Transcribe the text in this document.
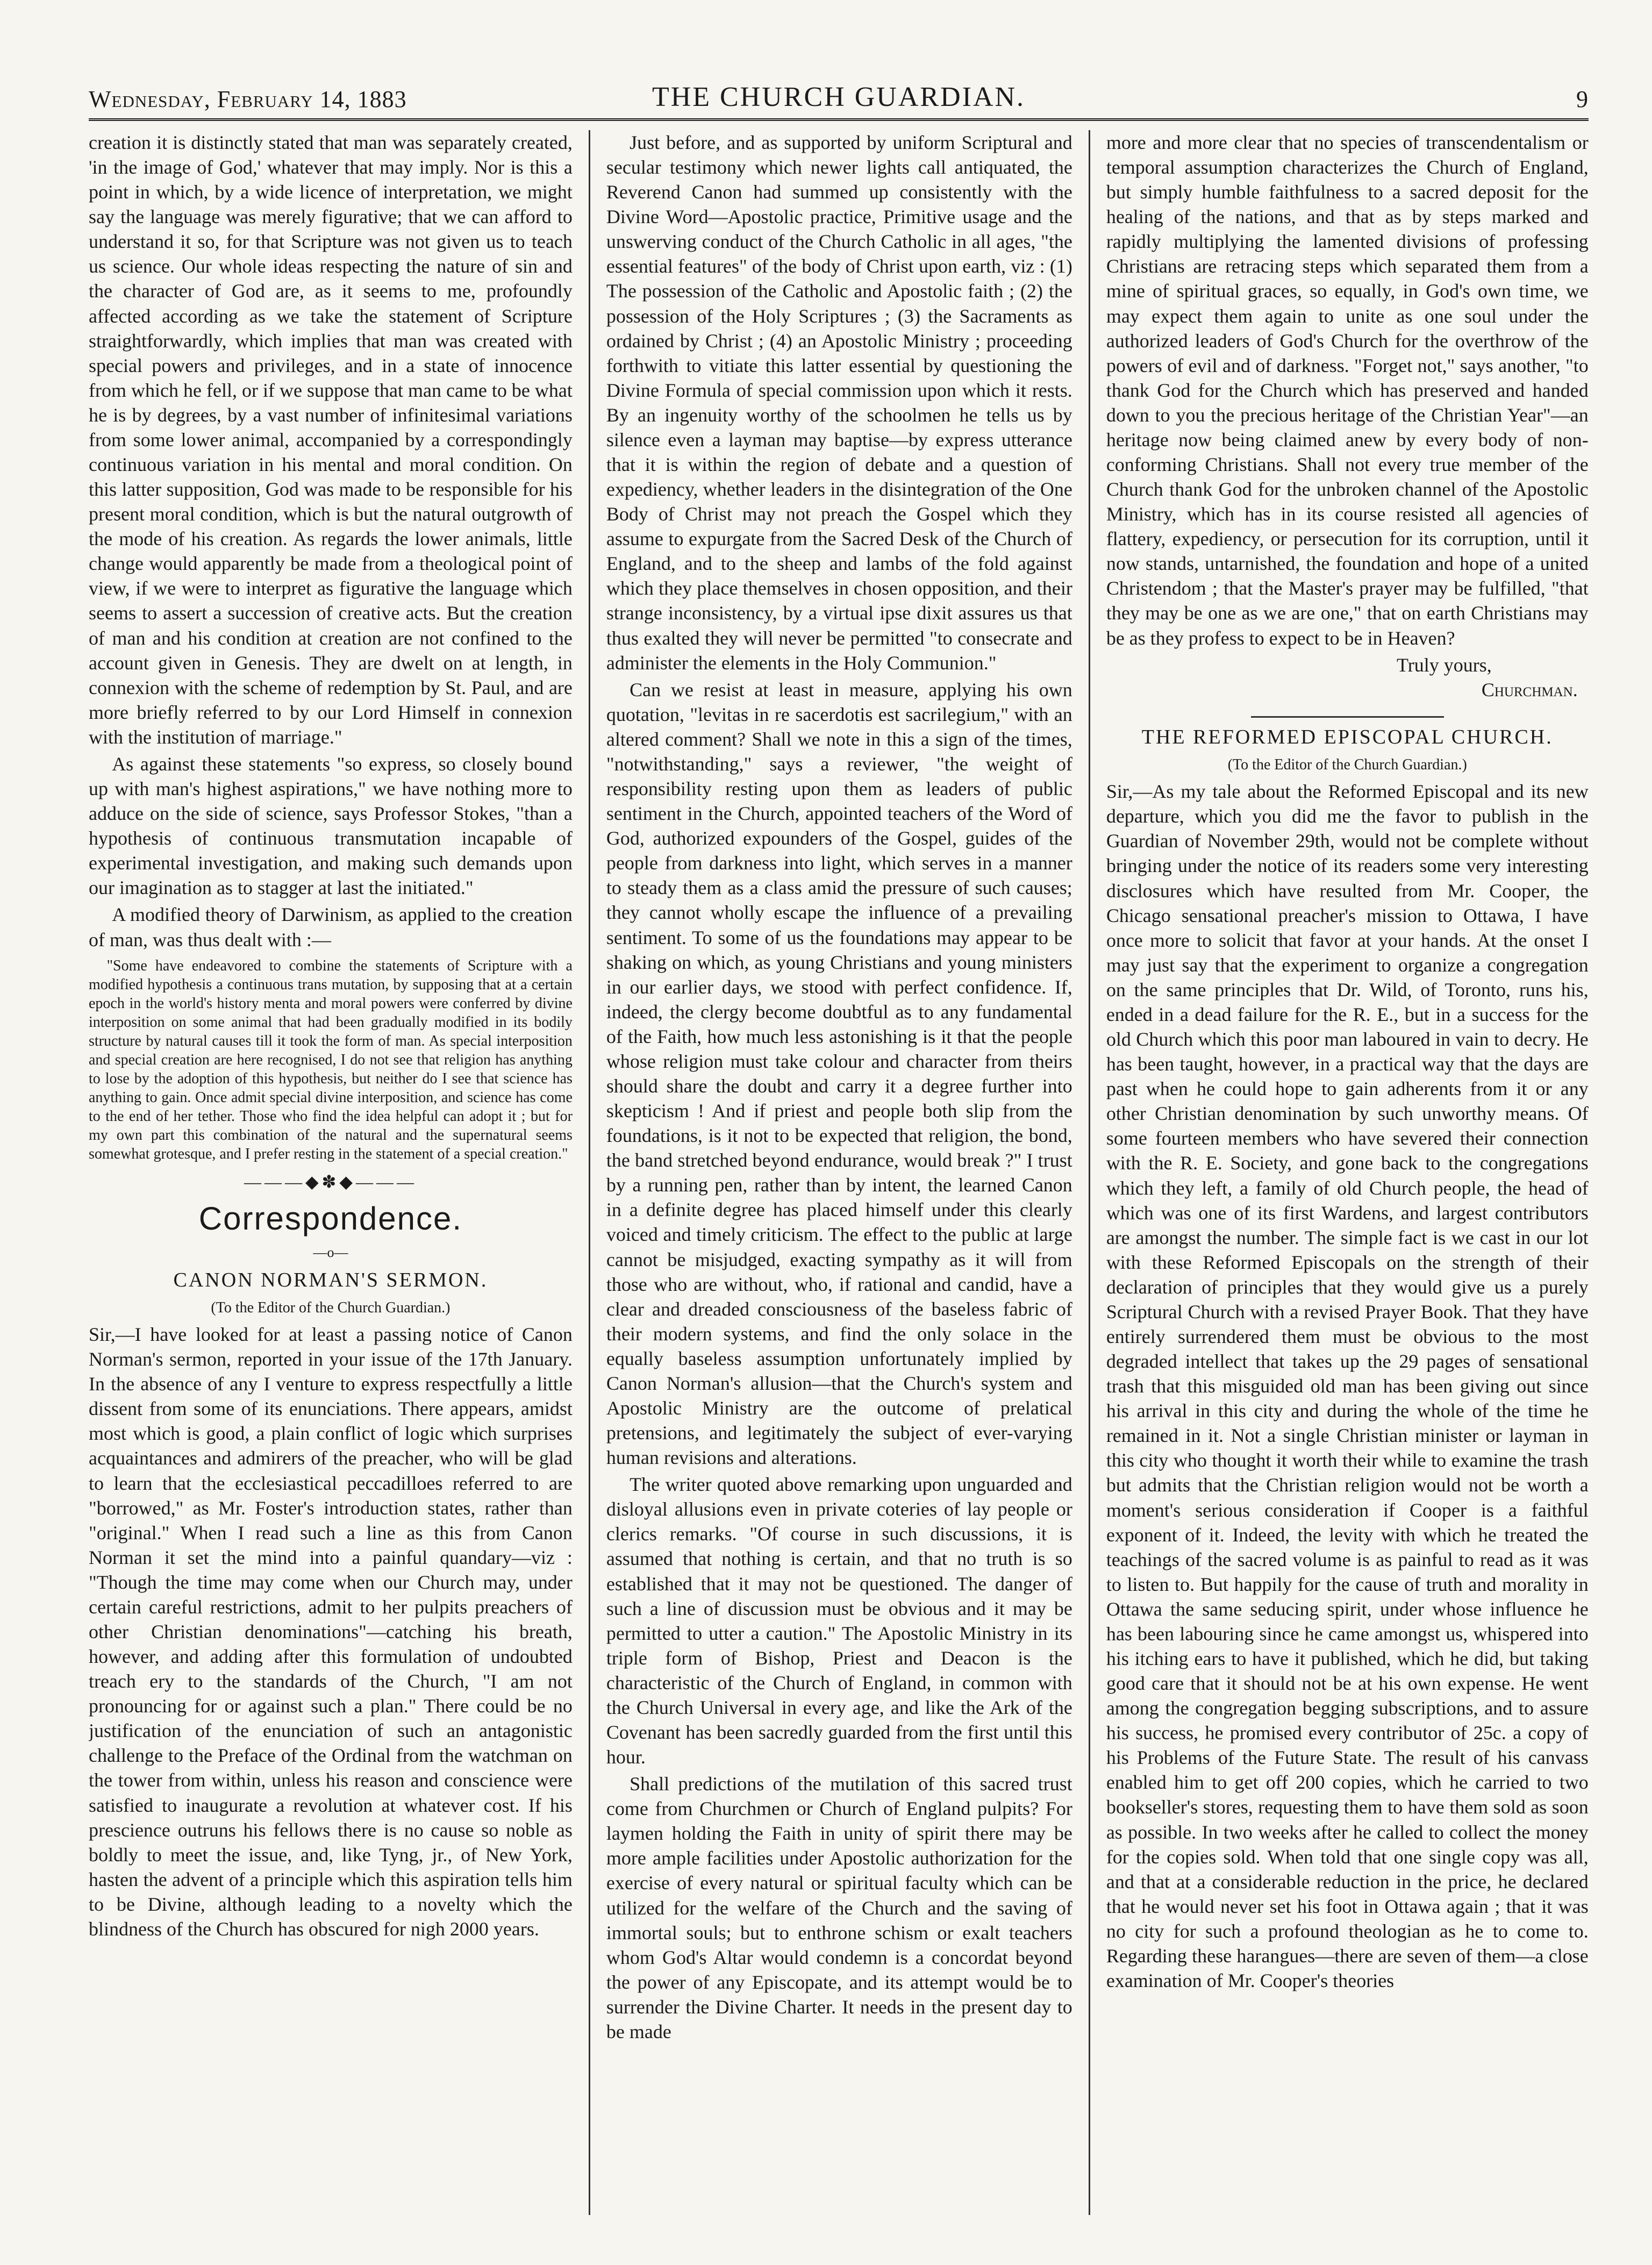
Wednesday, February 14, 1883	THE CHURCH GUARDIAN.	9

creation it is distinctly stated that man was separately created, 'in the image of God,' whatever that may imply. Nor is this a point in which, by a wide licence of interpretation, we might say the language was merely figurative; that we can afford to understand it so, for that Scripture was not given us to teach us science. Our whole ideas respecting the nature of sin and the character of God are, as it seems to me, profoundly affected according as we take the statement of Scripture straightforwardly, which implies that man was created with special powers and privileges, and in a state of innocence from which he fell, or if we suppose that man came to be what he is by degrees, by a vast number of infinitesimal variations from some lower animal, accompanied by a correspondingly continuous variation in his mental and moral condition. On this latter supposition, God was made to be responsible for his present moral condition, which is but the natural outgrowth of the mode of his creation. As regards the lower animals, little change would apparently be made from a theological point of view, if we were to interpret as figurative the language which seems to assert a succession of creative acts. But the creation of man and his condition at creation are not confined to the account given in Genesis. They are dwelt on at length, in connexion with the scheme of redemption by St. Paul, and are more briefly referred to by our Lord Himself in connexion with the institution of marriage."

As against these statements "so express, so closely bound up with man's highest aspirations," we have nothing more to adduce on the side of science, says Professor Stokes, "than a hypothesis of continuous transmutation incapable of experimental investigation, and making such demands upon our imagination as to stagger at last the initiated."

A modified theory of Darwinism, as applied to the creation of man, was thus dealt with :—

"Some have endeavored to combine the statements of Scripture with a modified hypothesis a continuous trans mutation, by supposing that at a certain epoch in the world's history menta and moral powers were conferred by divine interposition on some animal that had been gradually modified in its bodily structure by natural causes till it took the form of man. As special interposition and special creation are here recognised, I do not see that religion has anything to lose by the adoption of this hypothesis, but neither do I see that science has anything to gain. Once admit special divine interposition, and science has come to the end of her tether. Those who find the idea helpful can adopt it ; but for my own part this combination of the natural and the supernatural seems somewhat grotesque, and I prefer resting in the statement of a special creation."

———◆✽◆———
Correspondence.
—o—
CANON NORMAN'S SERMON.
(To the Editor of the Church Guardian.)

Sir,—I have looked for at least a passing notice of Canon Norman's sermon, reported in your issue of the 17th January. In the absence of any I venture to express respectfully a little dissent from some of its enunciations. There appears, amidst most which is good, a plain conflict of logic which surprises acquaintances and admirers of the preacher, who will be glad to learn that the ecclesiastical peccadilloes referred to are "borrowed," as Mr. Foster's introduction states, rather than "original." When I read such a line as this from Canon Norman it set the mind into a painful quandary—viz : "Though the time may come when our Church may, under certain careful restrictions, admit to her pulpits preachers of other Christian denominations"—catching his breath, however, and adding after this formulation of undoubted treach ery to the standards of the Church, "I am not pronouncing for or against such a plan." There could be no justification of the enunciation of such an antagonistic challenge to the Preface of the Ordinal from the watchman on the tower from within, unless his reason and conscience were satisfied to inaugurate a revolution at whatever cost. If his prescience outruns his fellows there is no cause so noble as boldly to meet the issue, and, like Tyng, jr., of New York, hasten the advent of a principle which this aspiration tells him to be Divine, although leading to a novelty which the blindness of the Church has obscured for nigh 2000 years.

Just before, and as supported by uniform Scriptural and secular testimony which newer lights call antiquated, the Reverend Canon had summed up consistently with the Divine Word—Apostolic practice, Primitive usage and the unswerving conduct of the Church Catholic in all ages, "the essential features" of the body of Christ upon earth, viz : (1) The possession of the Catholic and Apostolic faith ; (2) the possession of the Holy Scriptures ; (3) the Sacraments as ordained by Christ ; (4) an Apostolic Ministry ; proceeding forthwith to vitiate this latter essential by questioning the Divine Formula of special commission upon which it rests. By an ingenuity worthy of the schoolmen he tells us by silence even a layman may baptise—by express utterance that it is within the region of debate and a question of expediency, whether leaders in the disintegration of the One Body of Christ may not preach the Gospel which they assume to expurgate from the Sacred Desk of the Church of England, and to the sheep and lambs of the fold against which they place themselves in chosen opposition, and their strange inconsistency, by a virtual ipse dixit assures us that thus exalted they will never be permitted "to consecrate and administer the elements in the Holy Communion."

Can we resist at least in measure, applying his own quotation, "levitas in re sacerdotis est sacrilegium," with an altered comment? Shall we note in this a sign of the times, "notwithstanding," says a reviewer, "the weight of responsibility resting upon them as leaders of public sentiment in the Church, appointed teachers of the Word of God, authorized expounders of the Gospel, guides of the people from darkness into light, which serves in a manner to steady them as a class amid the pressure of such causes; they cannot wholly escape the influence of a prevailing sentiment. To some of us the foundations may appear to be shaking on which, as young Christians and young ministers in our earlier days, we stood with perfect confidence. If, indeed, the clergy become doubtful as to any fundamental of the Faith, how much less astonishing is it that the people whose religion must take colour and character from theirs should share the doubt and carry it a degree further into skepticism ! And if priest and people both slip from the foundations, is it not to be expected that religion, the bond, the band stretched beyond endurance, would break ?" I trust by a running pen, rather than by intent, the learned Canon in a definite degree has placed himself under this clearly voiced and timely criticism. The effect to the public at large cannot be misjudged, exacting sympathy as it will from those who are without, who, if rational and candid, have a clear and dreaded consciousness of the baseless fabric of their modern systems, and find the only solace in the equally baseless assumption unfortunately implied by Canon Norman's allusion—that the Church's system and Apostolic Ministry are the outcome of prelatical pretensions, and legitimately the subject of ever-varying human revisions and alterations.

The writer quoted above remarking upon unguarded and disloyal allusions even in private coteries of lay people or clerics remarks. "Of course in such discussions, it is assumed that nothing is certain, and that no truth is so established that it may not be questioned. The danger of such a line of discussion must be obvious and it may be permitted to utter a caution." The Apostolic Ministry in its triple form of Bishop, Priest and Deacon is the characteristic of the Church of England, in common with the Church Universal in every age, and like the Ark of the Covenant has been sacredly guarded from the first until this hour.

Shall predictions of the mutilation of this sacred trust come from Churchmen or Church of England pulpits? For laymen holding the Faith in unity of spirit there may be more ample facilities under Apostolic authorization for the exercise of every natural or spiritual faculty which can be utilized for the welfare of the Church and the saving of immortal souls; but to enthrone schism or exalt teachers whom God's Altar would condemn is a concordat beyond the power of any Episcopate, and its attempt would be to surrender the Divine Charter. It needs in the present day to be made

more and more clear that no species of transcendentalism or temporal assumption characterizes the Church of England, but simply humble faithfulness to a sacred deposit for the healing of the nations, and that as by steps marked and rapidly multiplying the lamented divisions of professing Christians are retracing steps which separated them from a mine of spiritual graces, so equally, in God's own time, we may expect them again to unite as one soul under the authorized leaders of God's Church for the overthrow of the powers of evil and of darkness. "Forget not," says another, "to thank God for the Church which has preserved and handed down to you the precious heritage of the Christian Year"—an heritage now being claimed anew by every body of non-conforming Christians. Shall not every true member of the Church thank God for the unbroken channel of the Apostolic Ministry, which has in its course resisted all agencies of flattery, expediency, or persecution for its corruption, until it now stands, untarnished, the foundation and hope of a united Christendom ; that the Master's prayer may be fulfilled, "that they may be one as we are one," that on earth Christians may be as they profess to expect to be in Heaven?

Truly yours,
Churchman.
THE REFORMED EPISCOPAL CHURCH.
(To the Editor of the Church Guardian.)

Sir,—As my tale about the Reformed Episcopal and its new departure, which you did me the favor to publish in the Guardian of November 29th, would not be complete without bringing under the notice of its readers some very interesting disclosures which have resulted from Mr. Cooper, the Chicago sensational preacher's mission to Ottawa, I have once more to solicit that favor at your hands. At the onset I may just say that the experiment to organize a congregation on the same principles that Dr. Wild, of Toronto, runs his, ended in a dead failure for the R. E., but in a success for the old Church which this poor man laboured in vain to decry. He has been taught, however, in a practical way that the days are past when he could hope to gain adherents from it or any other Christian denomination by such unworthy means. Of some fourteen members who have severed their connection with the R. E. Society, and gone back to the congregations which they left, a family of old Church people, the head of which was one of its first Wardens, and largest contributors are amongst the number. The simple fact is we cast in our lot with these Reformed Episcopals on the strength of their declaration of principles that they would give us a purely Scriptural Church with a revised Prayer Book. That they have entirely surrendered them must be obvious to the most degraded intellect that takes up the 29 pages of sensational trash that this misguided old man has been giving out since his arrival in this city and during the whole of the time he remained in it. Not a single Christian minister or layman in this city who thought it worth their while to examine the trash but admits that the Christian religion would not be worth a moment's serious consideration if Cooper is a faithful exponent of it. Indeed, the levity with which he treated the teachings of the sacred volume is as painful to read as it was to listen to. But happily for the cause of truth and morality in Ottawa the same seducing spirit, under whose influence he has been labouring since he came amongst us, whispered into his itching ears to have it published, which he did, but taking good care that it should not be at his own expense. He went among the congregation begging subscriptions, and to assure his success, he promised every contributor of 25c. a copy of his Problems of the Future State. The result of his canvass enabled him to get off 200 copies, which he carried to two bookseller's stores, requesting them to have them sold as soon as possible. In two weeks after he called to collect the money for the copies sold. When told that one single copy was all, and that at a considerable reduction in the price, he declared that he would never set his foot in Ottawa again ; that it was no city for such a profound theologian as he to come to. Regarding these harangues—there are seven of them—a close examination of Mr. Cooper's theories
